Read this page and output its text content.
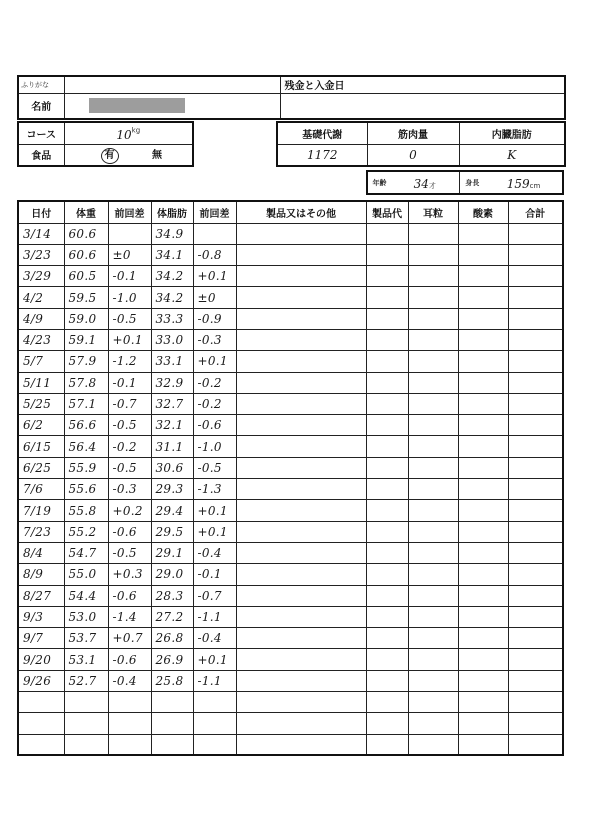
ふりがな		残金と入金日
名前	

コース	$10^{kg}$
食品	有 無
基礎代謝	筋肉量	内臓脂肪
1172	0	K
年齢	34才	身長	159cm
日付	体重	前回差	体脂肪	前回差	製品又はその他	製品代	耳粒	酸素	合計
3/14	60.6		34.9						
3/23	60.6	±0	34.1	-0.8					
3/29	60.5	-0.1	34.2	+0.1					
4/2	59.5	-1.0	34.2	±0					
4/9	59.0	-0.5	33.3	-0.9					
4/23	59.1	+0.1	33.0	-0.3					
5/7	57.9	-1.2	33.1	+0.1					
5/11	57.8	-0.1	32.9	-0.2					
5/25	57.1	-0.7	32.7	-0.2					
6/2	56.6	-0.5	32.1	-0.6					
6/15	56.4	-0.2	31.1	-1.0					
6/25	55.9	-0.5	30.6	-0.5					
7/6	55.6	-0.3	29.3	-1.3					
7/19	55.8	+0.2	29.4	+0.1					
7/23	55.2	-0.6	29.5	+0.1					
8/4	54.7	-0.5	29.1	-0.4					
8/9	55.0	+0.3	29.0	-0.1					
8/27	54.4	-0.6	28.3	-0.7					
9/3	53.0	-1.4	27.2	-1.1					
9/7	53.7	+0.7	26.8	-0.4					
9/20	53.1	-0.6	26.9	+0.1					
9/26	52.7	-0.4	25.8	-1.1					
